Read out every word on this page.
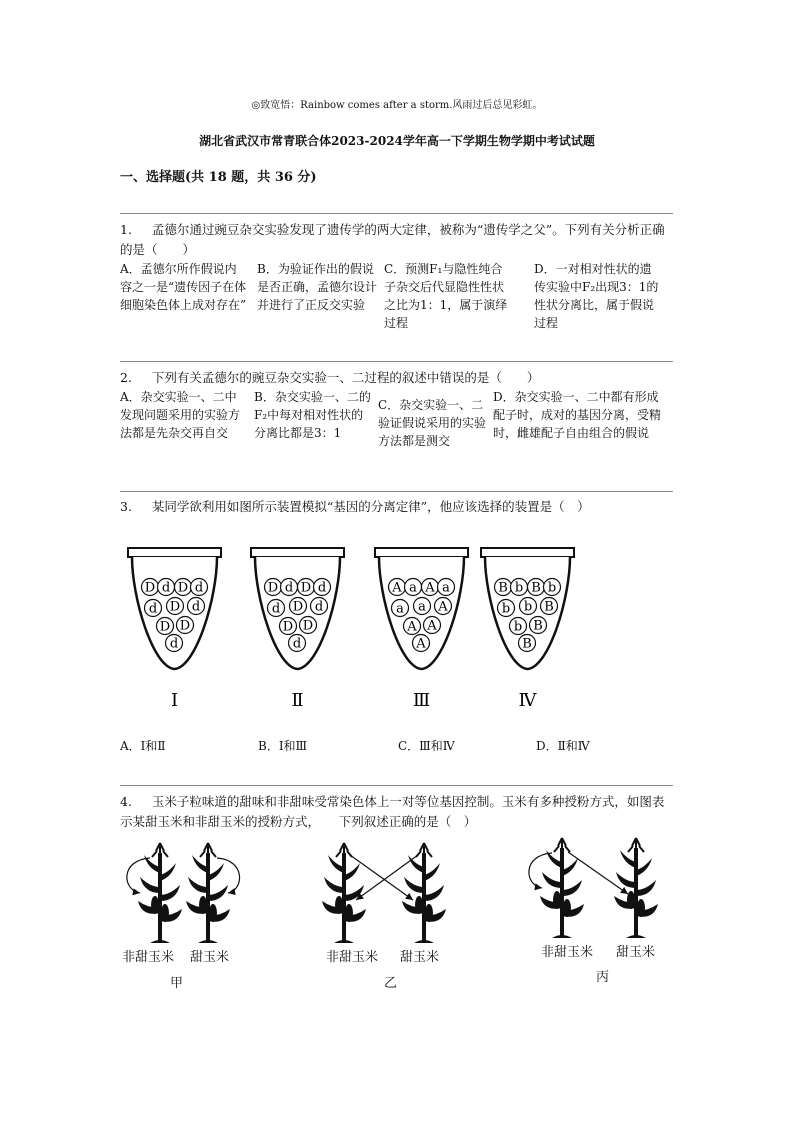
◎致宽悟：Rainbow comes after a storm.风雨过后总见彩虹。
湖北省武汉市常青联合体2023-2024学年高一下学期生物学期中考试试题
一、选择题(共 18 题，共 36 分)
1. 孟德尔通过豌豆杂交实验发现了遗传学的两大定律，被称为“遗传学之父”。下列有关分析正确的是（　　）
A．孟德尔所作假说内容之一是“遗传因子在体细胞染色体上成对存在”
B．为验证作出的假说是否正确，孟德尔设计并进行了正反交实验
C．预测F₁与隐性纯合子杂交后代显隐性性状之比为1：1，属于演绎过程
D．一对相对性状的遗传实验中F₂出现3：1的性状分离比，属于假说过程
2. 下列有关孟德尔的豌豆杂交实验一、二过程的叙述中错误的是（　　）
A．杂交实验一、二中发现问题采用的实验方法都是先杂交再自交
B．杂交实验一、二的F₂中每对相对性状的分离比都是3：1
C．杂交实验一、二验证假说采用的实验方法都是测交
D．杂交实验一、二中都有形成配子时，成对的基因分离，受精时，雌雄配子自由组合的假说
3. 某同学欲利用如图所示装置模拟“基因的分离定律”，他应该选择的装置是（　）
D d D d
d D d
D D
d
Ⅰ
D d D d
d D d
D D
d
Ⅱ
A a A a
a a A
A A
A
Ⅲ
B b B b
b b B
b B
B
Ⅳ
A．Ⅰ和Ⅱ	B．Ⅰ和Ⅲ	C．Ⅲ和Ⅳ	D．Ⅱ和Ⅳ
4. 玉米子粒味道的甜味和非甜味受常染色体上一对等位基因控制。玉米有多种授粉方式，如图表示某甜玉米和非甜玉米的授粉方式，　　下列叙述正确的是（　）
非甜玉米 甜玉米
甲
非甜玉米 甜玉米
乙
非甜玉米 甜玉米
丙
